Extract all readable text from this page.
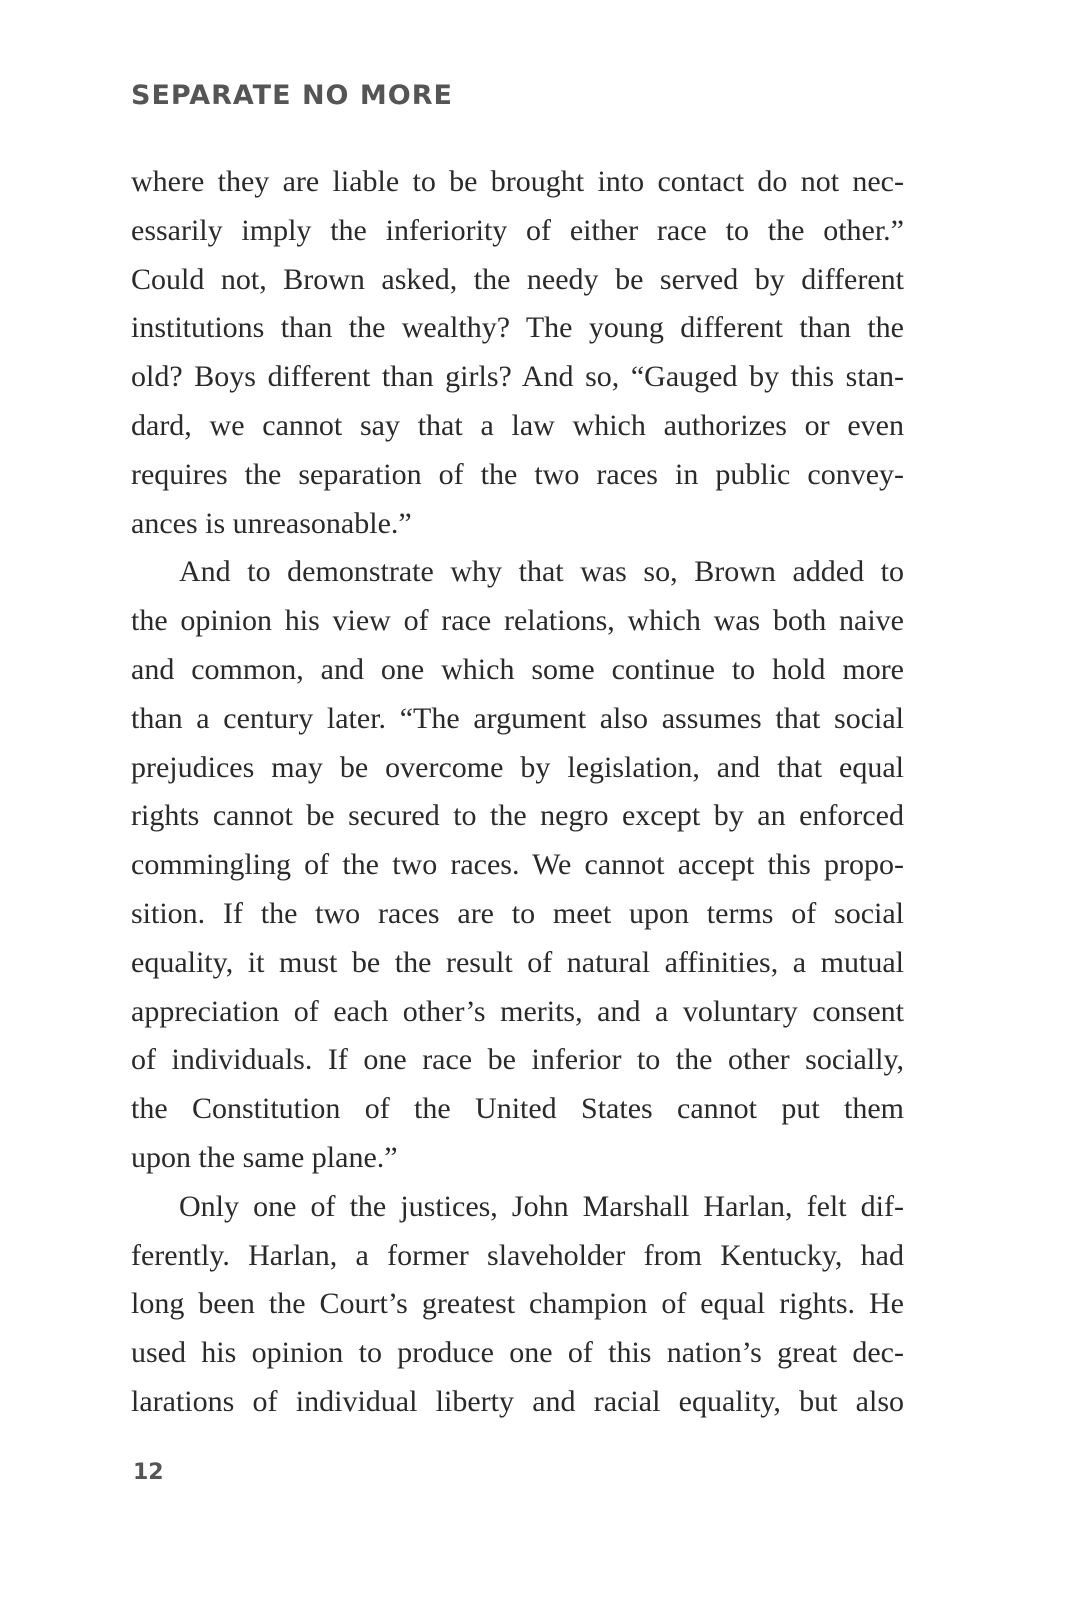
SEPARATE NO MORE
where they are liable to be brought into contact do not nec-
essarily imply the inferiority of either race to the other.”
Could not, Brown asked, the needy be served by different
institutions than the wealthy? The young different than the
old? Boys different than girls? And so, “Gauged by this stan-
dard, we cannot say that a law which authorizes or even
requires the separation of the two races in public convey-
ances is unreasonable.”
And to demonstrate why that was so, Brown added to
the opinion his view of race relations, which was both naive
and common, and one which some continue to hold more
than a century later. “The argument also assumes that social
prejudices may be overcome by legislation, and that equal
rights cannot be secured to the negro except by an enforced
commingling of the two races. We cannot accept this propo-
sition. If the two races are to meet upon terms of social
equality, it must be the result of natural affinities, a mutual
appreciation of each other’s merits, and a voluntary consent
of individuals. If one race be inferior to the other socially,
the Constitution of the United States cannot put them
upon the same plane.”
Only one of the justices, John Marshall Harlan, felt dif-
ferently. Harlan, a former slaveholder from Kentucky, had
long been the Court’s greatest champion of equal rights. He
used his opinion to produce one of this nation’s great dec-
larations of individual liberty and racial equality, but also
12
